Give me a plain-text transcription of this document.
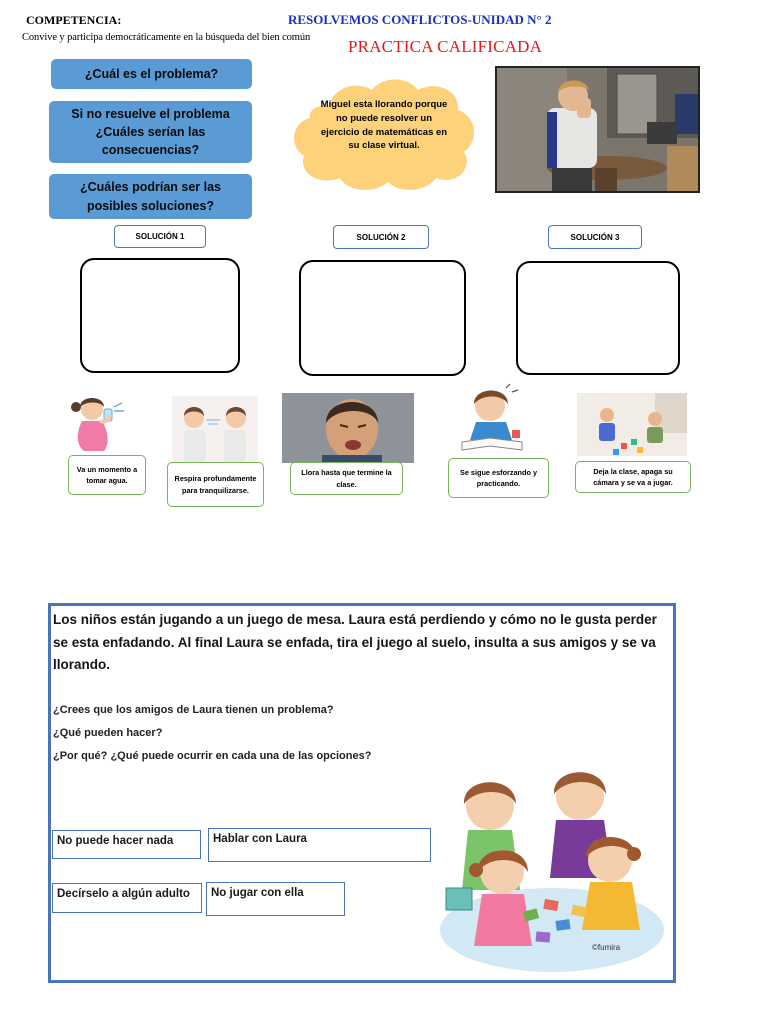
COMPETENCIA:
Convive y participa democráticamente en la búsqueda del bien común
RESOLVEMOS CONFLICTOS-UNIDAD N° 2
PRACTICA CALIFICADA
¿Cuál es el problema?
Si no resuelve el problema ¿Cuáles serían las consecuencias?
¿Cuáles podrían ser las posibles soluciones?
Miguel esta llorando porque no puede resolver un ejercicio de matemáticas en su clase virtual.
SOLUCIÓN 1	SOLUCIÓN 2	SOLUCIÓN 3
Va un momento a tomar agua.	Respira profundamente para tranquilizarse.
Llora hasta que termine la clase.
Se sigue esforzando y practicando.
Deja la clase, apaga su cámara y se va a jugar.
Los niños están jugando a un juego de mesa. Laura está perdiendo y cómo no le gusta perder se esta enfadando. Al final Laura se enfada, tira el juego al suelo, insulta a sus amigos y se va llorando.
¿Crees que los amigos de Laura tienen un problema?
¿Qué pueden hacer?
¿Por qué? ¿Qué puede ocurrir en cada una de las opciones?
No puede hacer nada	Hablar con Laura
Decírselo a algún adulto	No jugar con ella
©fumira
